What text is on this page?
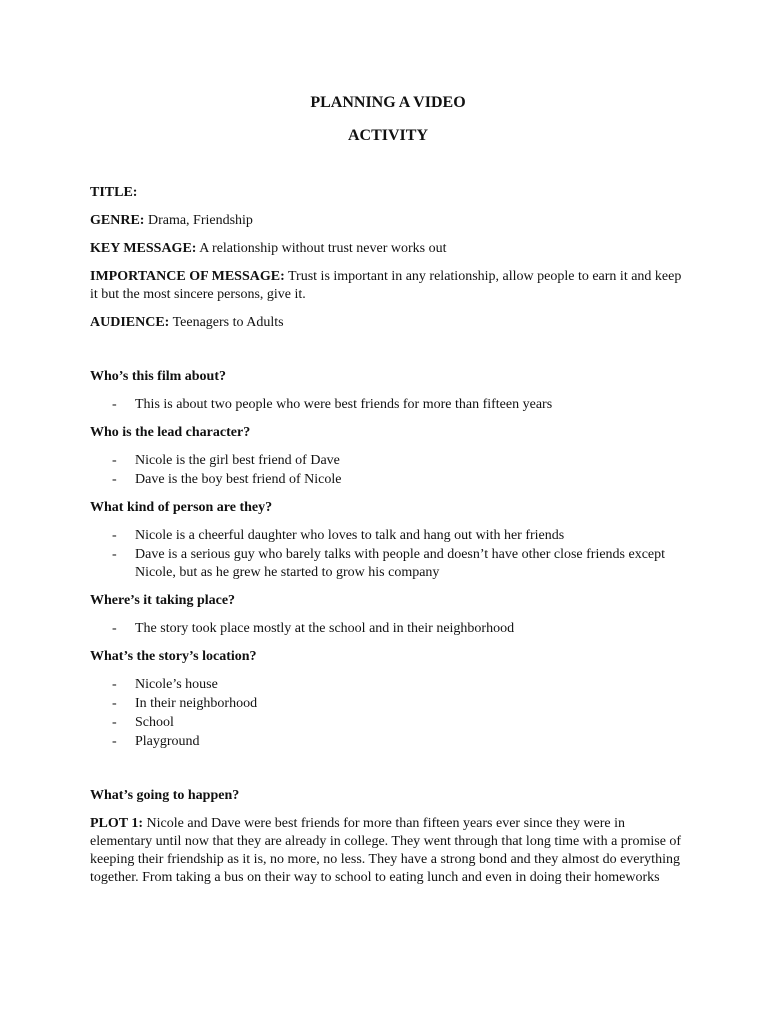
PLANNING A VIDEO

ACTIVITY

TITLE:

GENRE: Drama, Friendship

KEY MESSAGE: A relationship without trust never works out

IMPORTANCE OF MESSAGE: Trust is important in any relationship, allow people to earn it and keep it but the most sincere persons, give it.

AUDIENCE: Teenagers to Adults

Who’s this film about?

- This is about two people who were best friends for more than fifteen years

Who is the lead character?

- Nicole is the girl best friend of Dave
- Dave is the boy best friend of Nicole

What kind of person are they?

- Nicole is a cheerful daughter who loves to talk and hang out with her friends
- Dave is a serious guy who barely talks with people and doesn’t have other close friends except Nicole, but as he grew he started to grow his company

Where’s it taking place?

- The story took place mostly at the school and in their neighborhood

What’s the story’s location?

- Nicole’s house
- In their neighborhood
- School
- Playground

What’s going to happen?

PLOT 1: Nicole and Dave were best friends for more than fifteen years ever since they were in elementary until now that they are already in college. They went through that long time with a promise of keeping their friendship as it is, no more, no less. They have a strong bond and they almost do everything together. From taking a bus on their way to school to eating lunch and even in doing their homeworks
